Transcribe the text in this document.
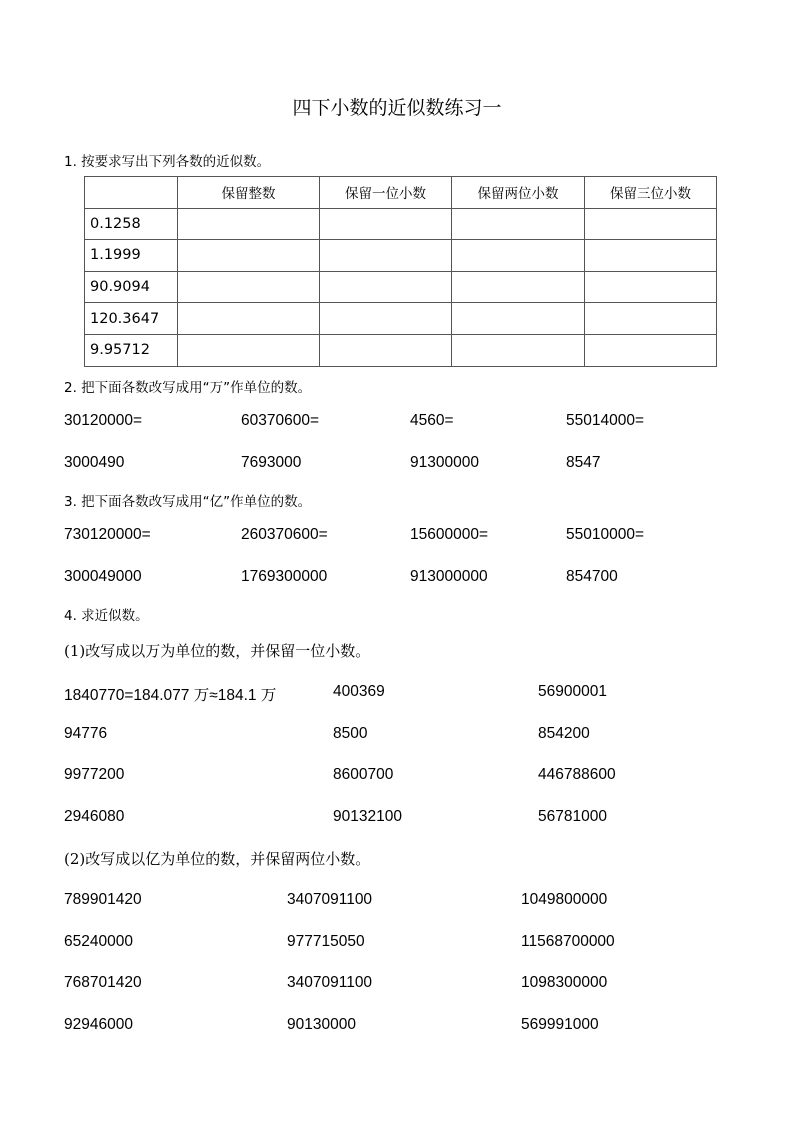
四下小数的近似数练习一
1. 按要求写出下列各数的近似数。
	保留整数	保留一位小数	保留两位小数	保留三位小数
0.1258				
1.1999				
90.9094				
120.3647				
9.95712				
2. 把下面各数改写成用“万”作单位的数。
30120000=	60370600=	4560=	55014000=
3000490	7693000	91300000	8547
3. 把下面各数改写成用“亿”作单位的数。
730120000=	260370600=	15600000=	55010000=
300049000	1769300000	913000000	854700
4. 求近似数。
(1)改写成以万为单位的数，并保留一位小数。
1840770=184.077 万≈184.1 万	400369	56900001
94776	8500	854200
9977200	8600700	446788600
2946080	90132100	56781000
(2)改写成以亿为单位的数，并保留两位小数。
789901420	3407091100	1049800000
65240000	977715050	11568700000
768701420	3407091100	1098300000
92946000	90130000	569991000
